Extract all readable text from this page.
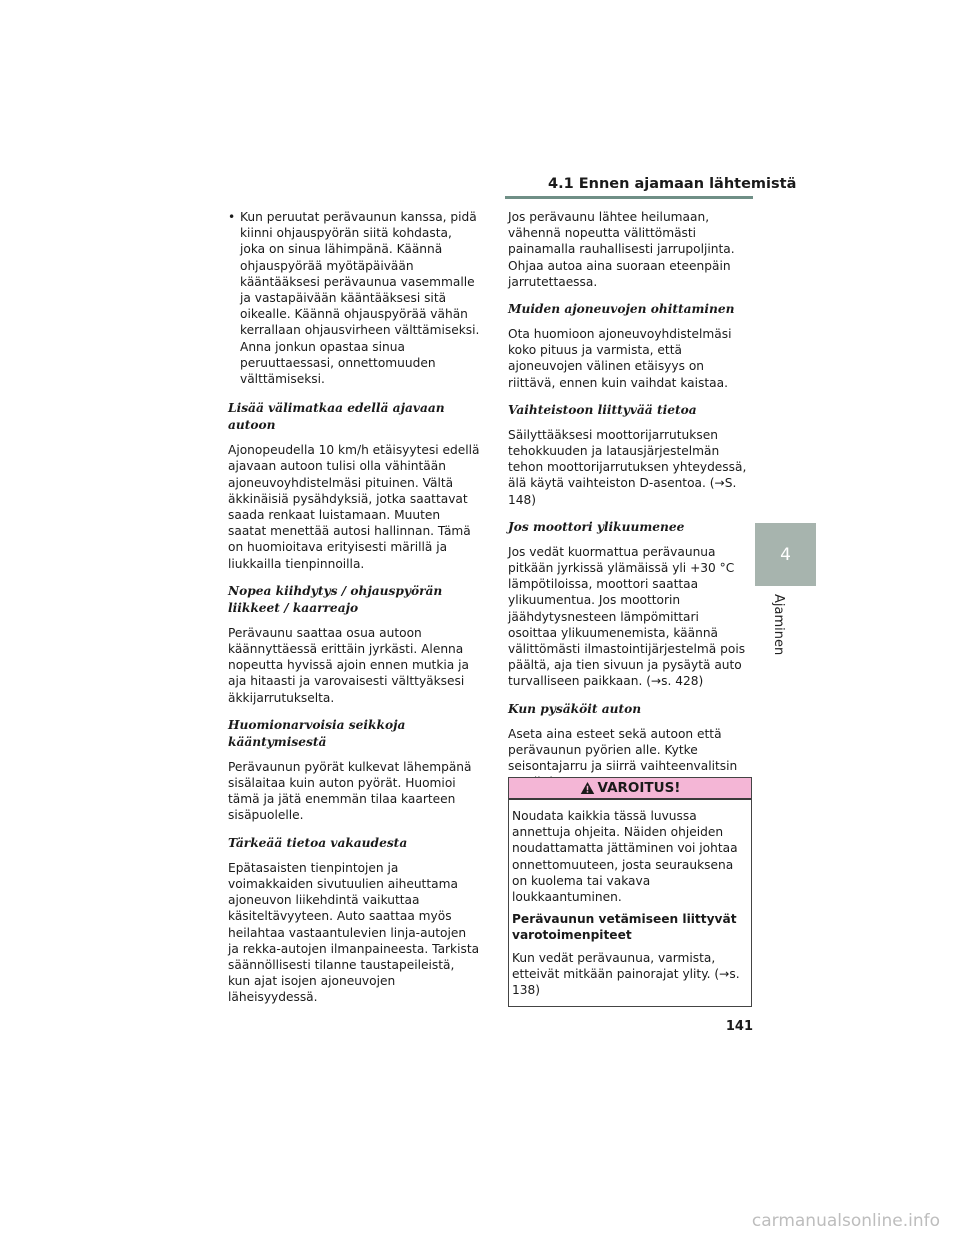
4.1 Ennen ajamaan lähtemistä
• Kun peruutat perävaunun kanssa, pidä kiinni ohjauspyörän siitä kohdasta, joka on sinua lähimpänä. Käännä ohjauspyörää myötäpäivään kääntääksesi perävaunua vasemmalle ja vastapäivään kääntääksesi sitä oikealle. Käännä ohjauspyörää vähän kerrallaan ohjausvirheen välttämiseksi. Anna jonkun opastaa sinua peruuttaessasi, onnettomuuden välttämiseksi.
Lisää välimatkaa edellä ajavaan autoon

Ajonopeudella 10 km/h etäisyytesi edellä ajavaan autoon tulisi olla vähintään ajoneuvoyhdistelmäsi pituinen. Vältä äkkinäisiä pysähdyksiä, jotka saattavat saada renkaat luistamaan. Muuten saatat menettää autosi hallinnan. Tämä on huomioitava erityisesti märillä ja liukkailla tienpinnoilla.

Nopea kiihdytys / ohjauspyörän liikkeet / kaarreajo

Perävaunu saattaa osua autoon käännyttäessä erittäin jyrkästi. Alenna nopeutta hyvissä ajoin ennen mutkia ja aja hitaasti ja varovaisesti välttyäksesi äkkijarrutukselta.

Huomionarvoisia seikkoja kääntymisestä

Perävaunun pyörät kulkevat lähempänä sisälaitaa kuin auton pyörät. Huomioi tämä ja jätä enemmän tilaa kaarteen sisäpuolelle.

Tärkeää tietoa vakaudesta

Epätasaisten tienpintojen ja voimakkaiden sivutuulien aiheuttama ajoneuvon liikehdintä vaikuttaa käsiteltävyyteen. Auto saattaa myös heilahtaa vastaantulevien linja-autojen ja rekka-autojen ilmanpaineesta. Tarkista säännöllisesti tilanne taustapeileistä, kun ajat isojen ajoneuvojen läheisyydessä.

Jos perävaunu lähtee heilumaan, vähennä nopeutta välittömästi painamalla rauhallisesti jarrupoljinta. Ohjaa autoa aina suoraan eteenpäin jarrutettaessa.

Muiden ajoneuvojen ohittaminen

Ota huomioon ajoneuvoyhdistelmäsi koko pituus ja varmista, että ajoneuvojen välinen etäisyys on riittävä, ennen kuin vaihdat kaistaa.

Vaihteistoon liittyvää tietoa

Säilyttääksesi moottorijarrutuksen tehokkuuden ja latausjärjestelmän tehon moottorijarrutuksen yhteydessä, älä käytä vaihteiston D-asentoa. (→S. 148)

Jos moottori ylikuumenee

Jos vedät kuormattua perävaunua pitkään jyrkissä ylämäissä yli +30 °C lämpötiloissa, moottori saattaa ylikuumentua. Jos moottorin jäähdytysnesteen lämpömittari osoittaa ylikuumenemista, käännä välittömästi ilmastointijärjestelmä pois päältä, aja tien sivuun ja pysäytä auto turvalliseen paikkaan. (→s. 428)

Kun pysäköit auton

Aseta aina esteet sekä autoon että perävaunun pyörien alle. Kytke seisontajarru ja siirrä vaihteenvalitsin

VAROITUS!

Noudata kaikkia tässä luvussa annettuja ohjeita. Näiden ohjeiden noudattamatta jättäminen voi johtaa onnettomuuteen, josta seurauksena on kuolema tai vakava loukkaantuminen.

Perävaunun vetämiseen liittyvät varotoimenpiteet

Kun vedät perävaunua, varmista, etteivät mitkään painorajat ylity. (→s. 138)

4
Ajaminen
141
carmanualsonline.info
